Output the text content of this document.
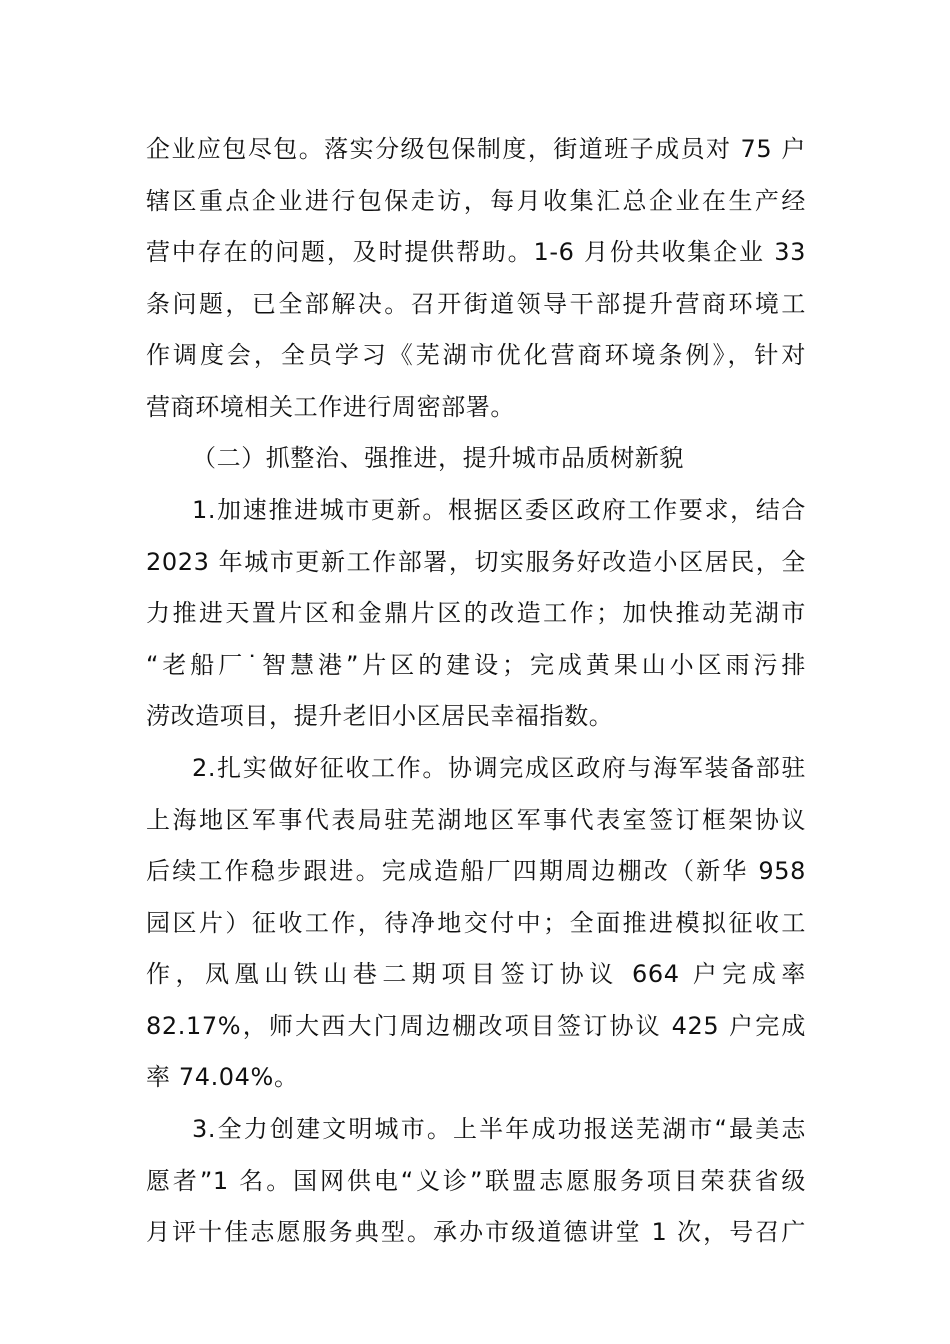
企业应包尽包。落实分级包保制度，街道班子成员对 75 户
辖区重点企业进行包保走访，每月收集汇总企业在生产经
营中存在的问题，及时提供帮助。1-6 月份共收集企业 33
条问题，已全部解决。召开街道领导干部提升营商环境工
作调度会，全员学习《芜湖市优化营商环境条例》，针对
营商环境相关工作进行周密部署。
（二）抓整治、强推进，提升城市品质树新貌
1.加速推进城市更新。根据区委区政府工作要求，结合
2023 年城市更新工作部署，切实服务好改造小区居民，全
力推进天置片区和金鼎片区的改造工作；加快推动芜湖市
“老船厂˙智慧港”片区的建设；完成黄果山小区雨污排
涝改造项目，提升老旧小区居民幸福指数。
2.扎实做好征收工作。协调完成区政府与海军装备部驻
上海地区军事代表局驻芜湖地区军事代表室签订框架协议
后续工作稳步跟进。完成造船厂四期周边棚改（新华 958
园区片）征收工作，待净地交付中；全面推进模拟征收工
作，凤凰山铁山巷二期项目签订协议 664 户完成率
82.17%，师大西大门周边棚改项目签订协议 425 户完成
率 74.04%。
3.全力创建文明城市。上半年成功报送芜湖市“最美志
愿者”1 名。国网供电“义诊”联盟志愿服务项目荣获省级
月评十佳志愿服务典型。承办市级道德讲堂 1 次，号召广
